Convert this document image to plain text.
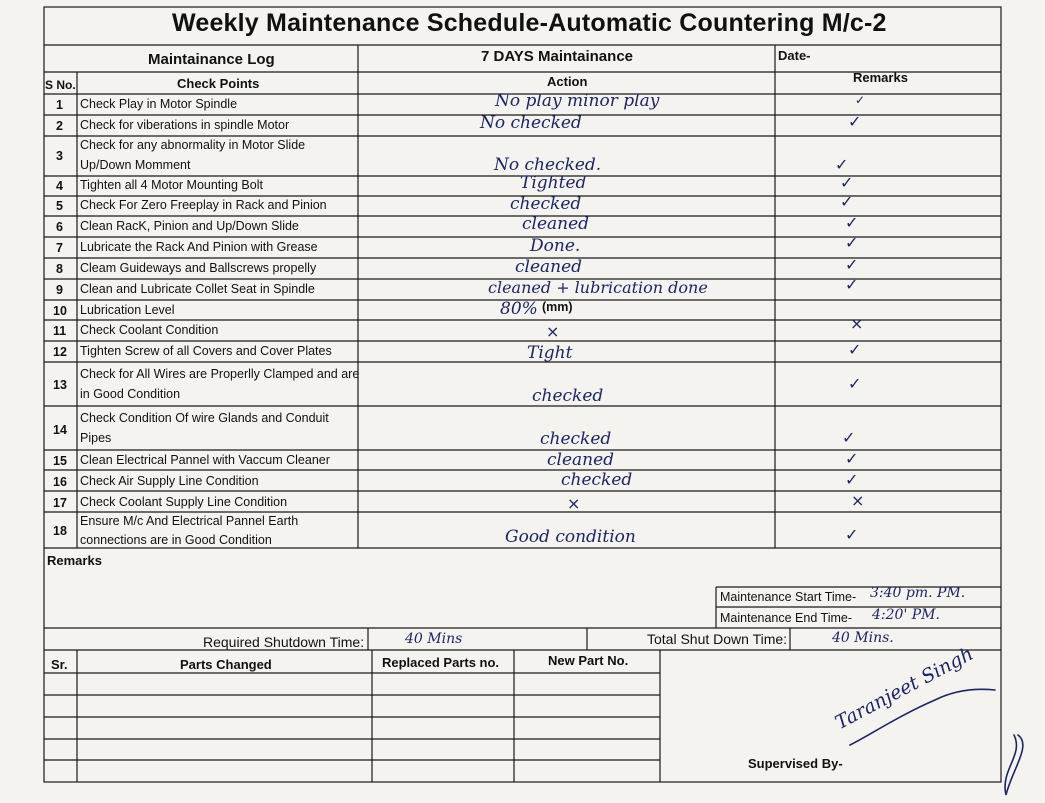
Weekly Maintenance Schedule-Automatic Countering M/c-2
Maintainance Log	7 DAYS Maintainance	Date-
S No.	Check Points	Action	Remarks
1 Check Play in Motor Spindle	No play minor play	✓
2 Check for viberations in spindle Motor	No checked	✓
3
Check for any abnormality in Motor Slide
Up/Down Momment	No checked.	✓
4 Tighten all 4 Motor Mounting Bolt	Tighted	✓
5 Check For Zero Freeplay in Rack and Pinion	checked	✓
6 Clean RacK, Pinion and Up/Down Slide	cleaned	✓
7 Lubricate the Rack And Pinion with Grease	Done.	✓
8 Cleam Guideways and Ballscrews propelly	cleaned	✓
9 Clean and Lubricate Collet Seat in Spindle	cleaned + lubrication done	✓
10 Lubrication Level	80% (mm)
11 Check Coolant Condition	×	×
12 Tighten Screw of all Covers and Cover Plates	Tight	✓
13
Check for All Wires are Properlly Clamped and are
in Good Condition	checked
✓
14
Check Condition Of wire Glands and Conduit
Pipes	checked	✓
15 Clean Electrical Pannel with Vaccum Cleaner	cleaned	✓
16 Check Air Supply Line Condition	checked	✓
17 Check Coolant Supply Line Condition	×	×
18
Ensure M/c And Electrical Pannel Earth
connections are in Good Condition	Good condition	✓
Remarks
Maintenance Start Time- 3:40 pm. PM.
Maintenance End Time- 4:20' PM.
Required Shutdown Time:	40 Mins	Total Shut Down Time:	40 Mins.
Sr.	Parts Changed	Replaced Parts no.	New Part No.
Supervised By-
Taranjeet Singh
